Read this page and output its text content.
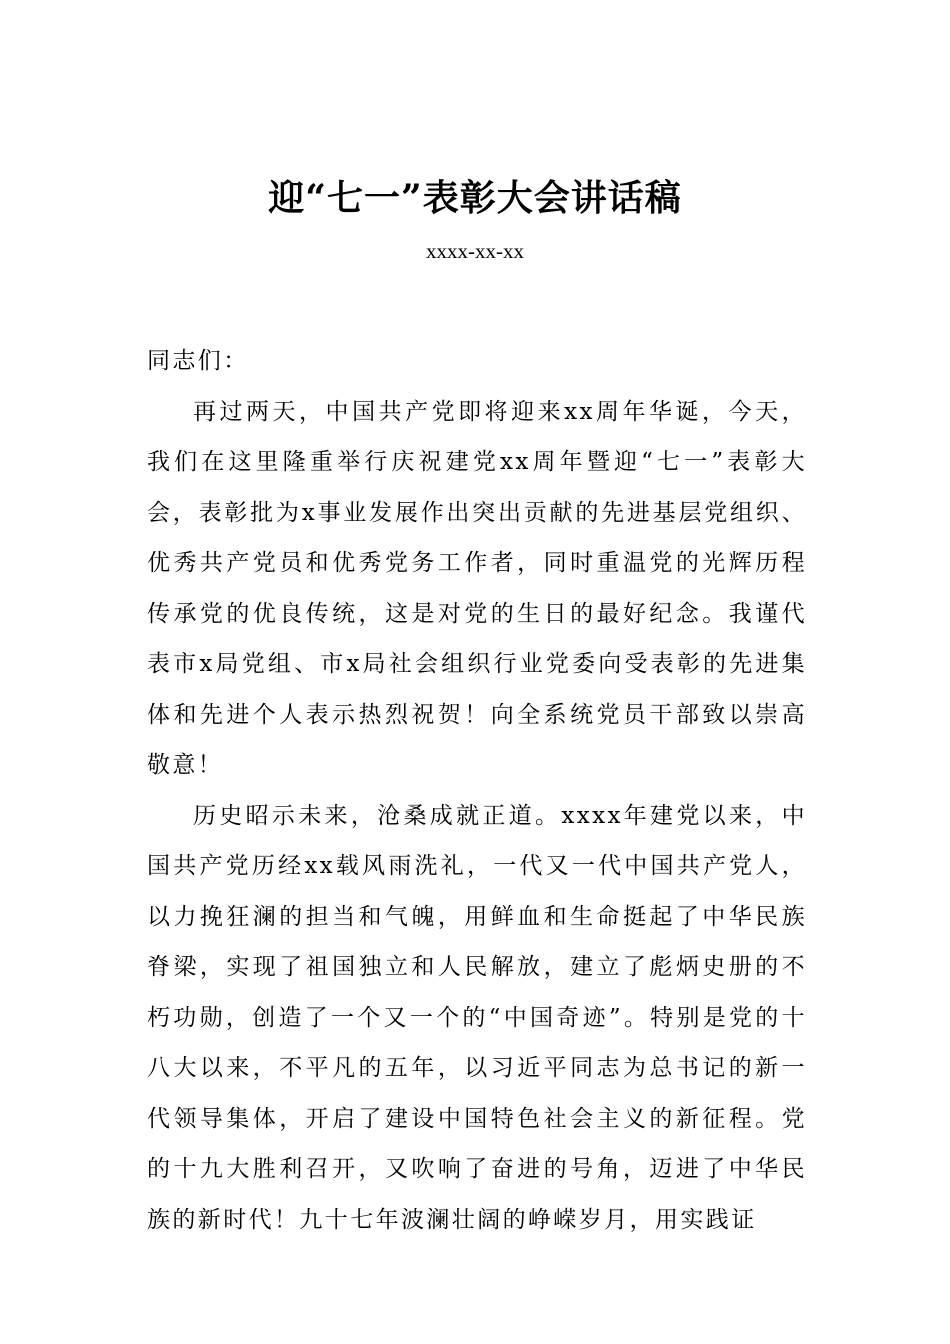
迎“七一”表彰大会讲话稿
xxxx-xx-xx

同志们：

再过两天，中国共产党即将迎来xx周年华诞，今天，我们在这里隆重举行庆祝建党xx周年暨迎“七一”表彰大会，表彰批为x事业发展作出突出贡献的先进基层党组织、优秀共产党员和优秀党务工作者，同时重温党的光辉历程传承党的优良传统，这是对党的生日的最好纪念。我谨代表市x局党组、市x局社会组织行业党委向受表彰的先进集体和先进个人表示热烈祝贺！向全系统党员干部致以崇高敬意！

历史昭示未来，沧桑成就正道。xxxx年建党以来，中国共产党历经xx载风雨洗礼，一代又一代中国共产党人，以力挽狂澜的担当和气魄，用鲜血和生命挺起了中华民族脊梁，实现了祖国独立和人民解放，建立了彪炳史册的不朽功勋，创造了一个又一个的“中国奇迹”。特别是党的十八大以来，不平凡的五年，以习近平同志为总书记的新一代领导集体，开启了建设中国特色社会主义的新征程。党的十九大胜利召开，又吹响了奋进的号角，迈进了中华民族的新时代！九十七年波澜壮阔的峥嵘岁月，用实践证
